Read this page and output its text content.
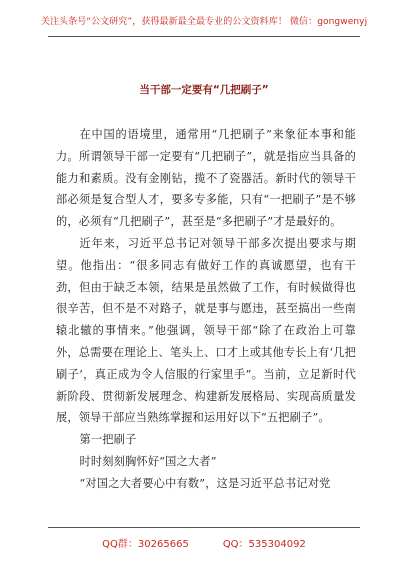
关注头条号“公文研究”，获得最新最全最专业的公文资料库！ 微信：gongwenyj
当干部一定要有“几把刷子”

在中国的语境里，通常用“几把刷子”来象征本事和能力。所谓领导干部一定要有“几把刷子”，就是指应当具备的能力和素质。没有金刚钻，揽不了瓷器活。新时代的领导干部必须是复合型人才，要多专多能，只有“一把刷子”是不够的，必须有“几把刷子”，甚至是“多把刷子”才是最好的。

近年来，习近平总书记对领导干部多次提出要求与期望。他指出：“很多同志有做好工作的真诚愿望，也有干劲，但由于缺乏本领，结果是虽然做了工作，有时候做得也很辛苦，但不是不对路子，就是事与愿违，甚至搞出一些南辕北辙的事情来。”他强调，领导干部“除了在政治上可靠外，总需要在理论上、笔头上、口才上或其他专长上有‘几把刷子’，真正成为令人信服的行家里手”。当前，立足新时代新阶段、贯彻新发展理念、构建新发展格局、实现高质量发展，领导干部应当熟练掌握和运用好以下“五把刷子”。

第一把刷子

时时刻刻胸怀好“国之大者”

“对国之大者要心中有数”，这是习近平总书记对党

QQ群：30265665	QQ：535304092
